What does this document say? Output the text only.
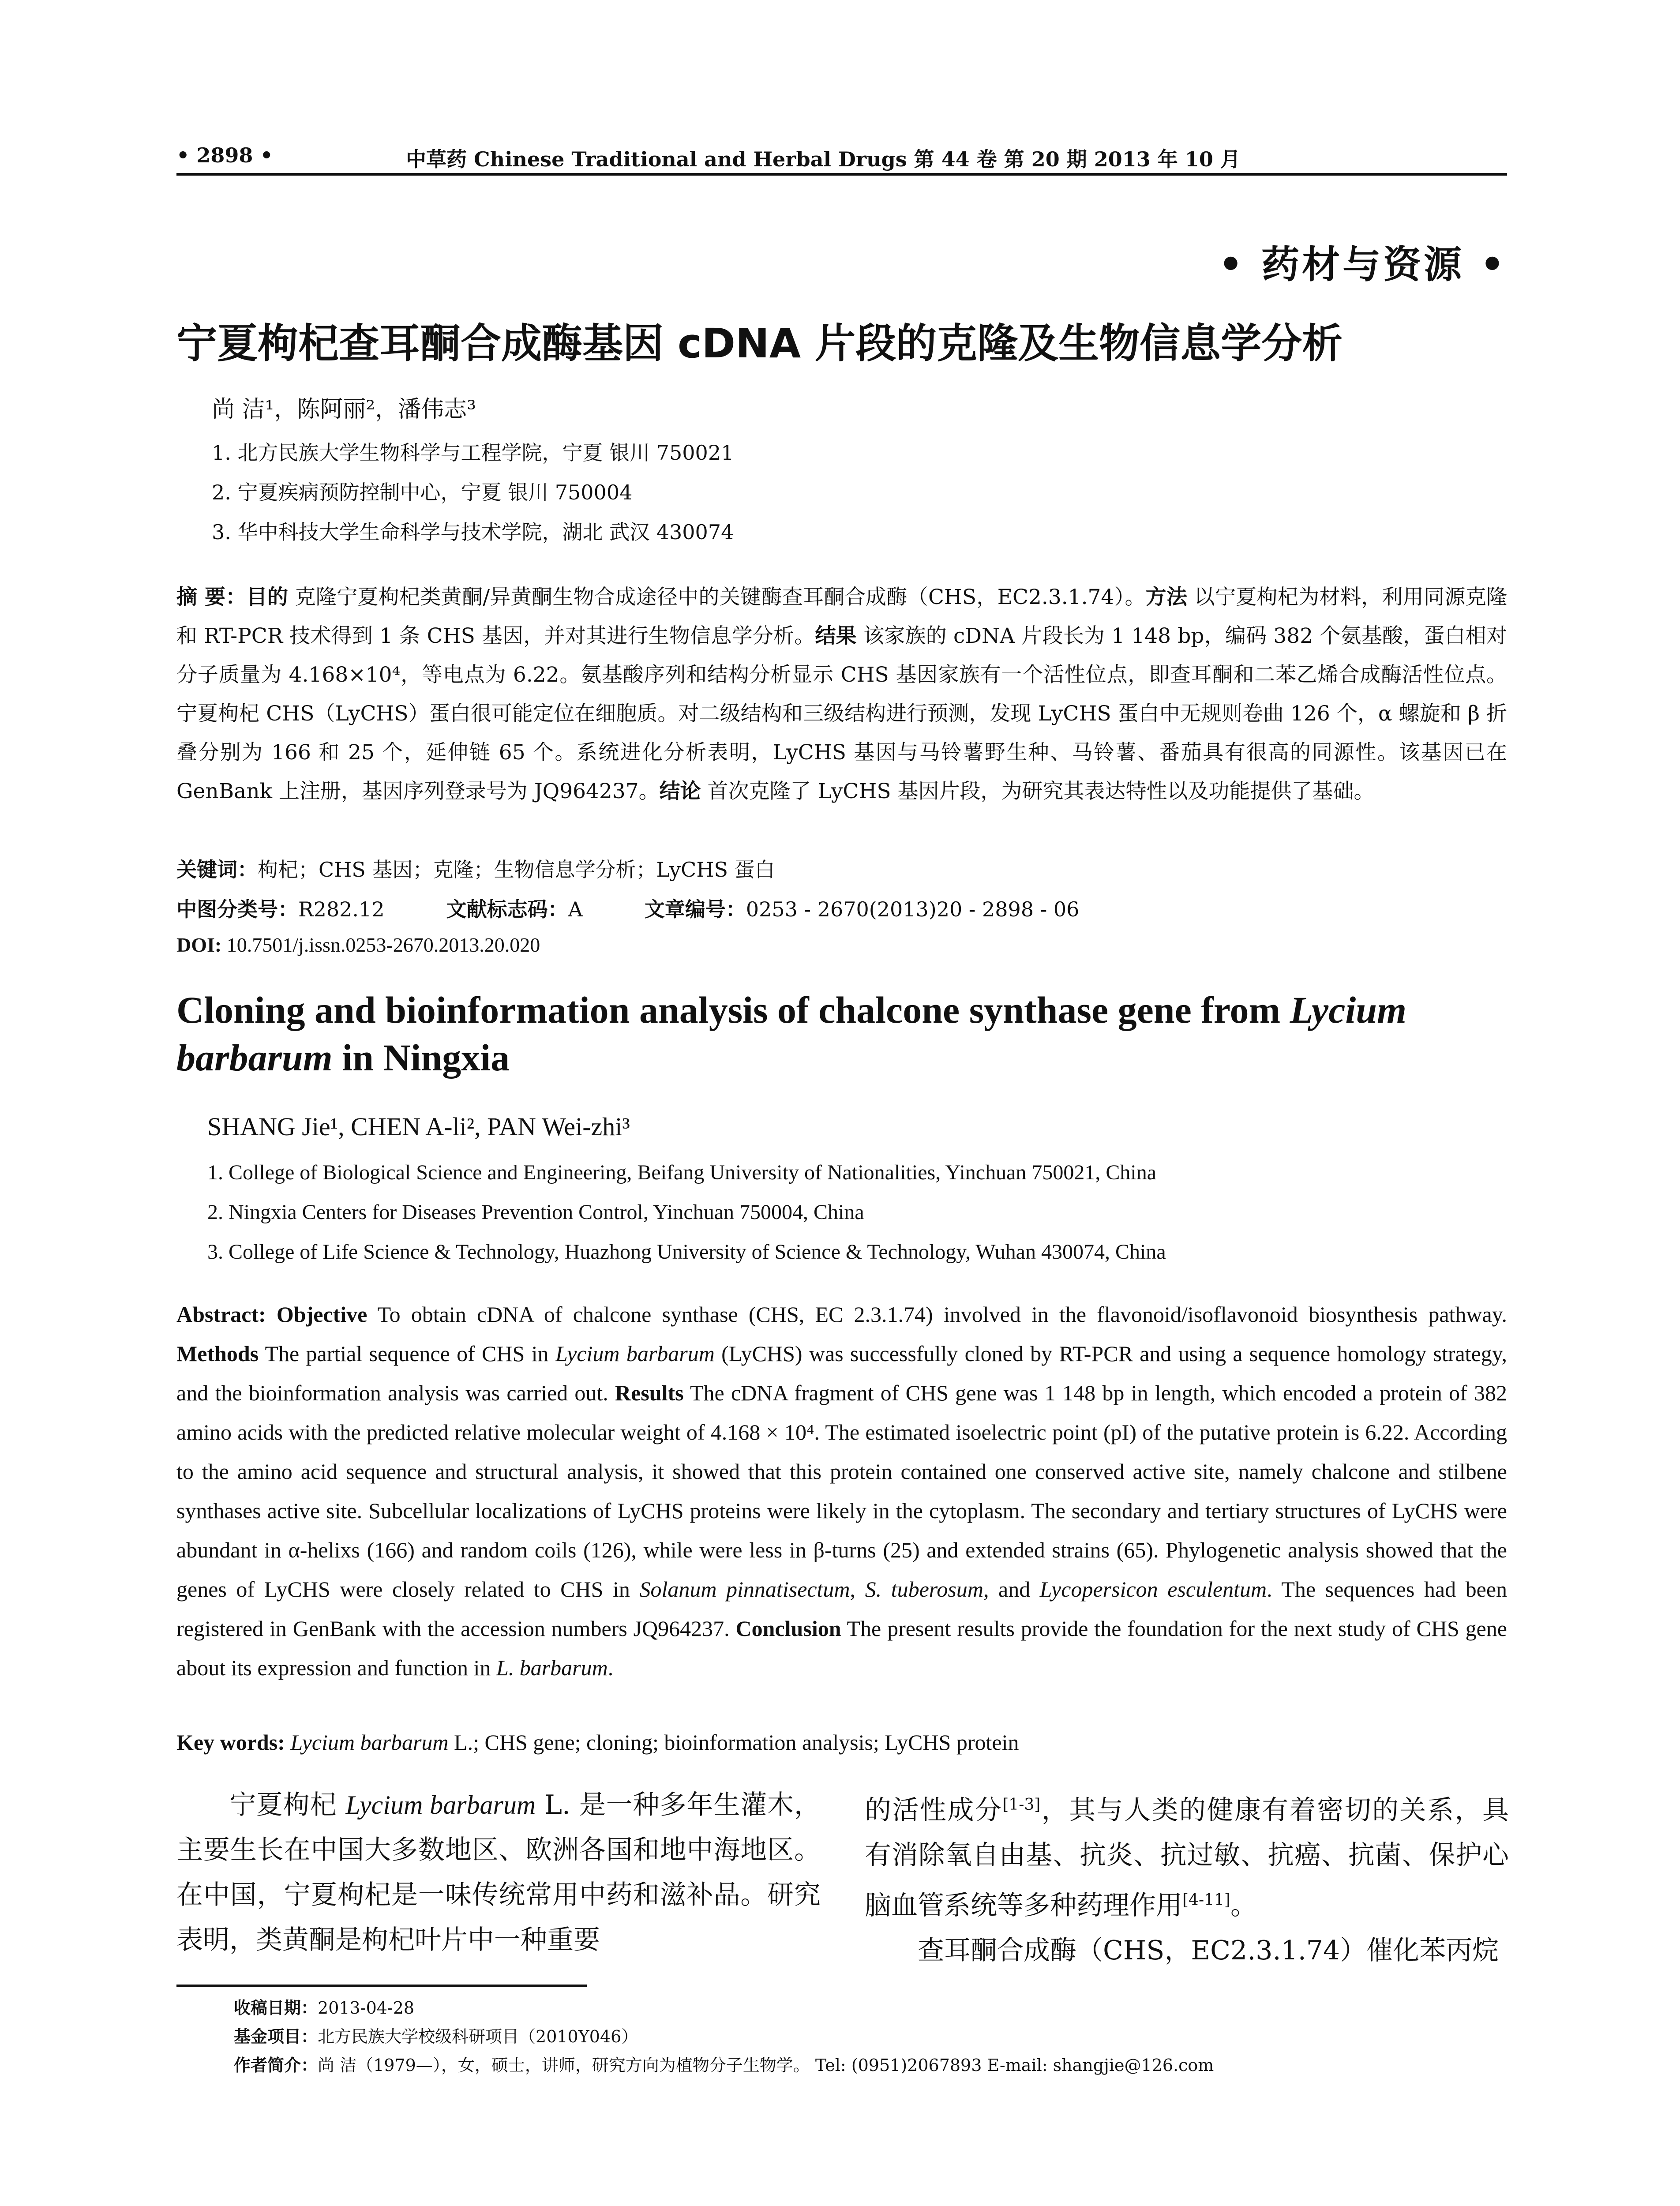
• 2898 •	中草药 Chinese Traditional and Herbal Drugs 第 44 卷 第 20 期 2013 年 10 月
• 药材与资源 •
宁夏枸杞查耳酮合成酶基因 cDNA 片段的克隆及生物信息学分析
尚 洁¹，陈阿丽²，潘伟志³
1. 北方民族大学生物科学与工程学院，宁夏 银川 750021
2. 宁夏疾病预防控制中心，宁夏 银川 750004
3. 华中科技大学生命科学与技术学院，湖北 武汉 430074
摘 要：目的 克隆宁夏枸杞类黄酮/异黄酮生物合成途径中的关键酶查耳酮合成酶（CHS，EC2.3.1.74）。方法 以宁夏枸杞为材料，利用同源克隆和 RT-PCR 技术得到 1 条 CHS 基因，并对其进行生物信息学分析。结果 该家族的 cDNA 片段长为 1 148 bp，编码 382 个氨基酸，蛋白相对分子质量为 4.168×10⁴，等电点为 6.22。氨基酸序列和结构分析显示 CHS 基因家族有一个活性位点，即查耳酮和二苯乙烯合成酶活性位点。宁夏枸杞 CHS（LyCHS）蛋白很可能定位在细胞质。对二级结构和三级结构进行预测，发现 LyCHS 蛋白中无规则卷曲 126 个，α 螺旋和 β 折叠分别为 166 和 25 个，延伸链 65 个。系统进化分析表明，LyCHS 基因与马铃薯野生种、马铃薯、番茄具有很高的同源性。该基因已在 GenBank 上注册，基因序列登录号为 JQ964237。结论 首次克隆了 LyCHS 基因片段，为研究其表达特性以及功能提供了基础。
关键词：枸杞；CHS 基因；克隆；生物信息学分析；LyCHS 蛋白
中图分类号：R282.12	文献标志码：A	文章编号：0253 - 2670(2013)20 - 2898 - 06
DOI: 10.7501/j.issn.0253-2670.2013.20.020
Cloning and bioinformation analysis of chalcone synthase gene from Lycium barbarum in Ningxia
SHANG Jie¹, CHEN A-li², PAN Wei-zhi³
1. College of Biological Science and Engineering, Beifang University of Nationalities, Yinchuan 750021, China
2. Ningxia Centers for Diseases Prevention Control, Yinchuan 750004, China
3. College of Life Science & Technology, Huazhong University of Science & Technology, Wuhan 430074, China
Abstract: Objective To obtain cDNA of chalcone synthase (CHS, EC 2.3.1.74) involved in the flavonoid/isoflavonoid biosynthesis pathway. Methods The partial sequence of CHS in Lycium barbarum (LyCHS) was successfully cloned by RT-PCR and using a sequence homology strategy, and the bioinformation analysis was carried out. Results The cDNA fragment of CHS gene was 1 148 bp in length, which encoded a protein of 382 amino acids with the predicted relative molecular weight of 4.168 × 10⁴. The estimated isoelectric point (pI) of the putative protein is 6.22. According to the amino acid sequence and structural analysis, it showed that this protein contained one conserved active site, namely chalcone and stilbene synthases active site. Subcellular localizations of LyCHS proteins were likely in the cytoplasm. The secondary and tertiary structures of LyCHS were abundant in α-helixs (166) and random coils (126), while were less in β-turns (25) and extended strains (65). Phylogenetic analysis showed that the genes of LyCHS were closely related to CHS in Solanum pinnatisectum, S. tuberosum, and Lycopersicon esculentum. The sequences had been registered in GenBank with the accession numbers JQ964237. Conclusion The present results provide the foundation for the next study of CHS gene about its expression and function in L. barbarum.
Key words: Lycium barbarum L.; CHS gene; cloning; bioinformation analysis; LyCHS protein
宁夏枸杞 Lycium barbarum L. 是一种多年生灌木，主要生长在中国大多数地区、欧洲各国和地中海地区。在中国，宁夏枸杞是一味传统常用中药和滋补品。研究表明，类黄酮是枸杞叶片中一种重要
的活性成分[1-3]，其与人类的健康有着密切的关系，具有消除氧自由基、抗炎、抗过敏、抗癌、抗菌、保护心脑血管系统等多种药理作用[4-11]。
查耳酮合成酶（CHS，EC2.3.1.74）催化苯丙烷
收稿日期：2013-04-28
基金项目：北方民族大学校级科研项目（2010Y046）
作者简介：尚 洁（1979—），女，硕士，讲师，研究方向为植物分子生物学。 Tel: (0951)2067893 E-mail: shangjie@126.com
